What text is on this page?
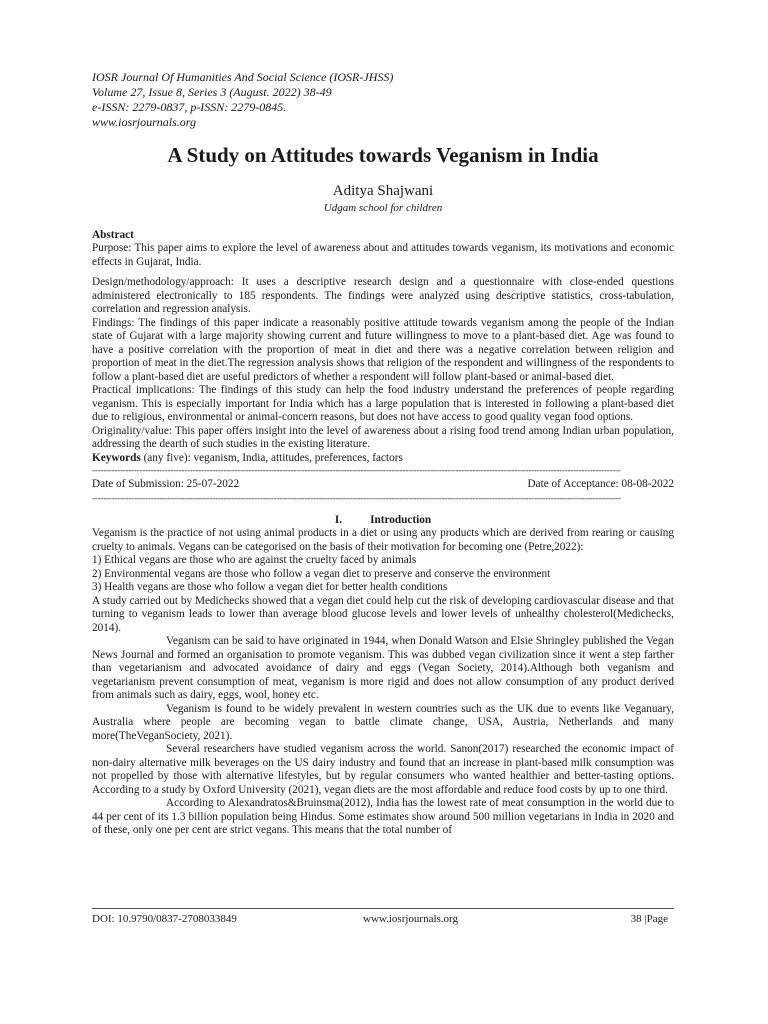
IOSR Journal Of Humanities And Social Science (IOSR-JHSS)
Volume 27, Issue 8, Series 3 (August. 2022) 38-49
e-ISSN: 2279-0837, p-ISSN: 2279-0845.
www.iosrjournals.org
A Study on Attitudes towards Veganism in India
Aditya Shajwani
Udgam school for children
Abstract

Purpose: This paper aims to explore the level of awareness about and attitudes towards veganism, its motivations and economic effects in Gujarat, India.

Design/methodology/approach: It uses a descriptive research design and a questionnaire with close-ended questions administered electronically to 185 respondents. The findings were analyzed using descriptive statistics, cross-tabulation, correlation and regression analysis.

Findings: The findings of this paper indicate a reasonably positive attitude towards veganism among the people of the Indian state of Gujarat with a large majority showing current and future willingness to move to a plant-based diet. Age was found to have a positive correlation with the proportion of meat in diet and there was a negative correlation between religion and proportion of meat in the diet.The regression analysis shows that religion of the respondent and willingness of the respondents to follow a plant-based diet are useful predictors of whether a respondent will follow plant-based or animal-based diet.

Practical implications: The findings of this study can help the food industry understand the preferences of people regarding veganism. This is especially important for India which has a large population that is interested in following a plant-based diet due to religious, environmental or animal-concern reasons, but does not have access to good quality vegan food options.

Originality/value: This paper offers insight into the level of awareness about a rising food trend among Indian urban population, addressing the dearth of such studies in the existing literature.

Keywords (any five): veganism, India, attitudes, preferences, factors

---------------------------------------------------------------------------------------------------------------------------------------------------------------------------------------------
Date of Submission: 25-07-2022	Date of Acceptance: 08-08-2022
---------------------------------------------------------------------------------------------------------------------------------------------------------------------------------------------
I. Introduction

Veganism is the practice of not using animal products in a diet or using any products which are derived from rearing or causing cruelty to animals. Vegans can be categorised on the basis of their motivation for becoming one (Petre,2022):

1) Ethical vegans are those who are against the cruelty faced by animals

2) Environmental vegans are those who follow a vegan diet to preserve and conserve the environment

3) Health vegans are those who follow a vegan diet for better health conditions

A study carried out by Medichecks showed that a vegan diet could help cut the risk of developing cardiovascular disease and that turning to veganism leads to lower than average blood glucose levels and lower levels of unhealthy cholesterol(Medichecks, 2014).

Veganism can be said to have originated in 1944, when Donald Watson and Elsie Shringley published the Vegan News Journal and formed an organisation to promote veganism. This was dubbed vegan civilization since it went a step farther than vegetarianism and advocated avoidance of dairy and eggs (Vegan Society, 2014).Although both veganism and vegetarianism prevent consumption of meat, veganism is more rigid and does not allow consumption of any product derived from animals such as dairy, eggs, wool, honey etc.

Veganism is found to be widely prevalent in western countries such as the UK due to events like Veganuary, Australia where people are becoming vegan to battle climate change, USA, Austria, Netherlands and many more(TheVeganSociety, 2021).

Several researchers have studied veganism across the world. Sanon(2017) researched the economic impact of non-dairy alternative milk beverages on the US dairy industry and found that an increase in plant-based milk consumption was not propelled by those with alternative lifestyles, but by regular consumers who wanted healthier and better-tasting options. According to a study by Oxford University (2021), vegan diets are the most affordable and reduce food costs by up to one third.

According to Alexandratos&Bruinsma(2012), India has the lowest rate of meat consumption in the world due to 44 per cent of its 1.3 billion population being Hindus. Some estimates show around 500 million vegetarians in India in 2020 and of these, only one per cent are strict vegans. This means that the total number of

DOI: 10.9790/0837-2708033849	www.iosrjournals.org	38 |Page
